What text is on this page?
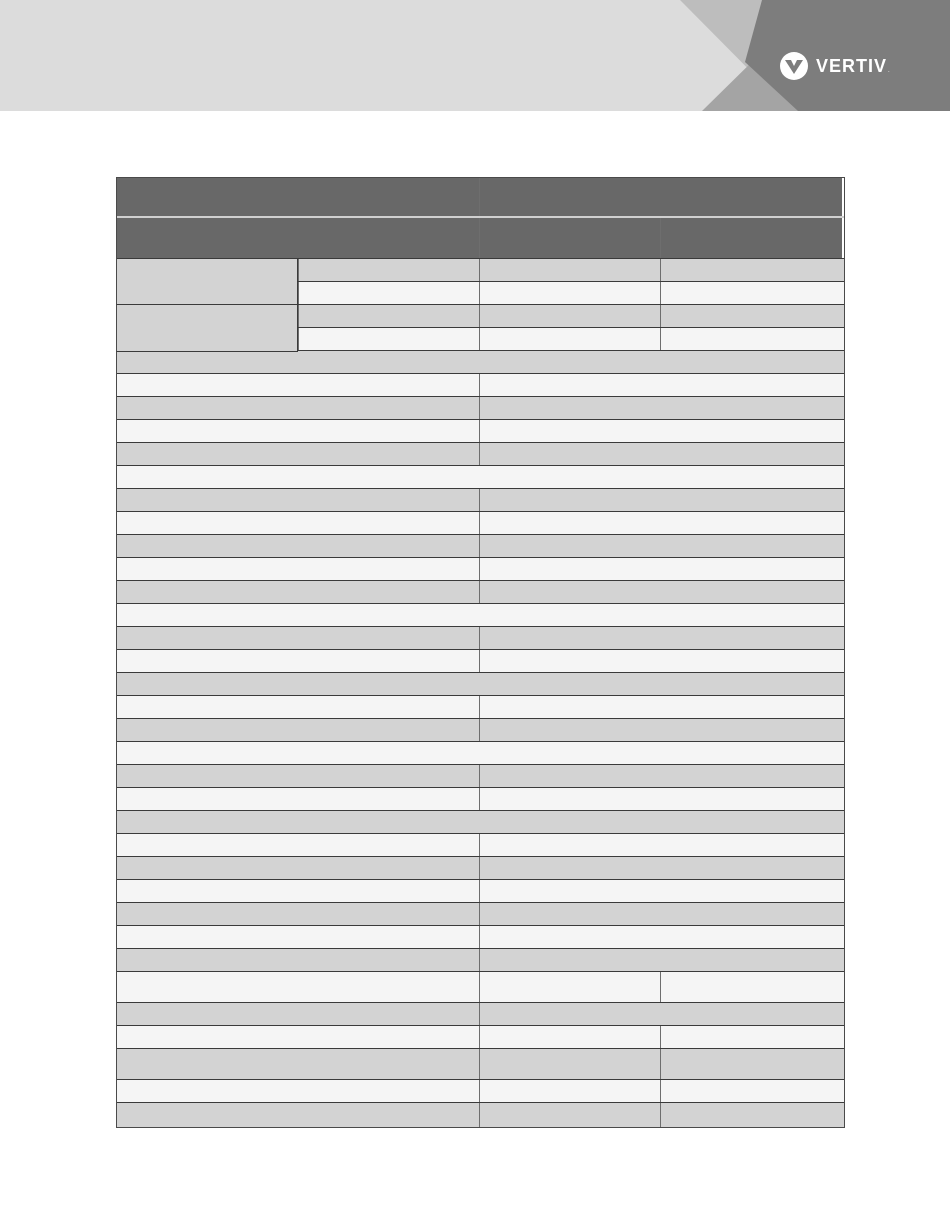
VERTIV .
